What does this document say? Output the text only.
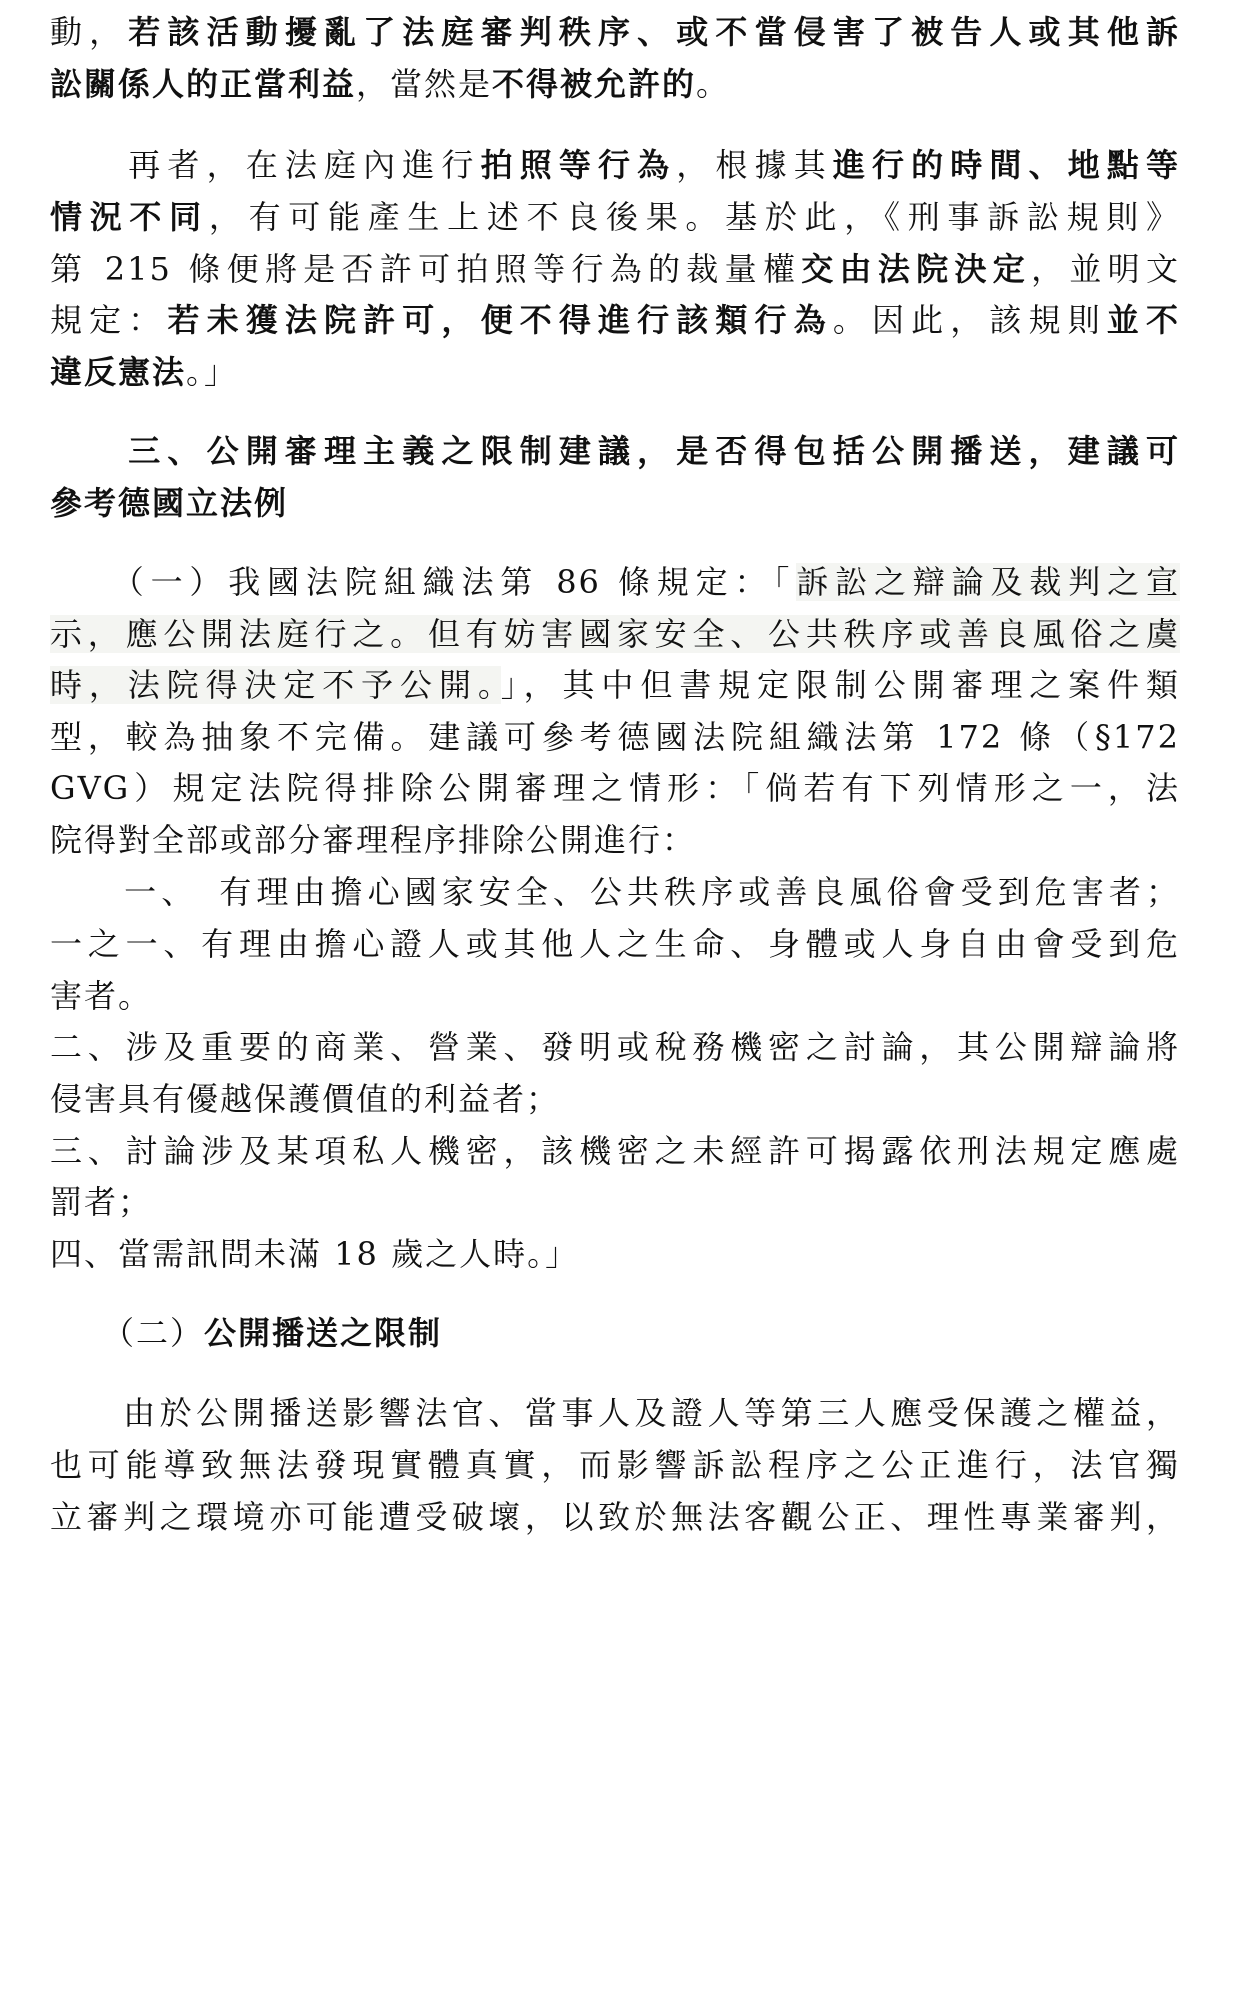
動，若該活動擾亂了法庭審判秩序、或不當侵害了被告人或其他訴
訟關係人的正當利益，當然是不得被允許的。
　　再者，在法庭內進行拍照等行為，根據其進行的時間、地點等
情況不同，有可能產生上述不良後果。基於此，《刑事訴訟規則》
第 215 條便將是否許可拍照等行為的裁量權交由法院決定，並明文
規定：若未獲法院許可，便不得進行該類行為。因此，該規則並不
違反憲法。」
　　三、公開審理主義之限制建議，是否得包括公開播送，建議可
參考德國立法例
　　（一）我國法院組織法第 86 條規定：「訴訟之辯論及裁判之宣
示，應公開法庭行之。但有妨害國家安全、公共秩序或善良風俗之虞
時，法院得決定不予公開。」，其中但書規定限制公開審理之案件類
型，較為抽象不完備。建議可參考德國法院組織法第 172 條（§172
GVG）規定法院得排除公開審理之情形：「倘若有下列情形之一，法
院得對全部或部分審理程序排除公開進行：
　　一、　有理由擔心國家安全、公共秩序或善良風俗會受到危害者；
一之一、有理由擔心證人或其他人之生命、身體或人身自由會受到危
害者。
二、涉及重要的商業、營業、發明或稅務機密之討論，其公開辯論將
侵害具有優越保護價值的利益者；
三、討論涉及某項私人機密，該機密之未經許可揭露依刑法規定應處
罰者；
四、當需訊問未滿 18 歲之人時。」
　　（二）公開播送之限制
　　由於公開播送影響法官、當事人及證人等第三人應受保護之權益，
也可能導致無法發現實體真實，而影響訴訟程序之公正進行，法官獨
立審判之環境亦可能遭受破壞，以致於無法客觀公正、理性專業審判，
